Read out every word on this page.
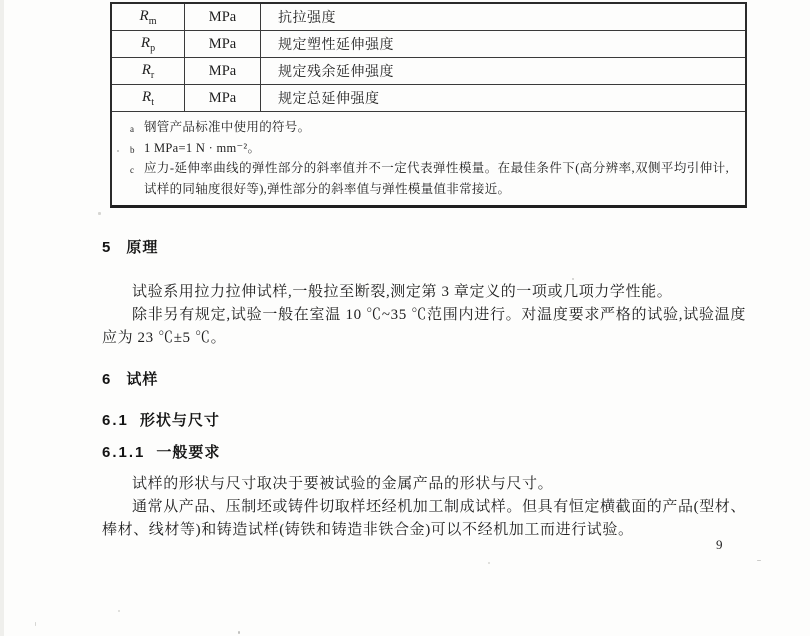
$R_m$	MPa	抗拉强度
$R_p$	MPa	规定塑性延伸强度
$R_r$	MPa	规定残余延伸强度
$R_t$	MPa	规定总延伸强度
a 钢管产品标准中使用的符号。
b 1 MPa=1 N · mm⁻²。
c 应力-延伸率曲线的弹性部分的斜率值并不一定代表弹性模量。在最佳条件下(高分辨率,双侧平均引伸计,试样的同轴度很好等),弹性部分的斜率值与弹性模量值非常接近。
5 原理
试验系用拉力拉伸试样,一般拉至断裂,测定第 3 章定义的一项或几项力学性能。
除非另有规定,试验一般在室温 10 ℃~35 ℃范围内进行。对温度要求严格的试验,试验温度应为 23 ℃±5 ℃。
6 试样
6.1 形状与尺寸
6.1.1 一般要求
试样的形状与尺寸取决于要被试验的金属产品的形状与尺寸。
通常从产品、压制坯或铸件切取样坯经机加工制成试样。但具有恒定横截面的产品(型材、棒材、线材等)和铸造试样(铸铁和铸造非铁合金)可以不经机加工而进行试验。
9
